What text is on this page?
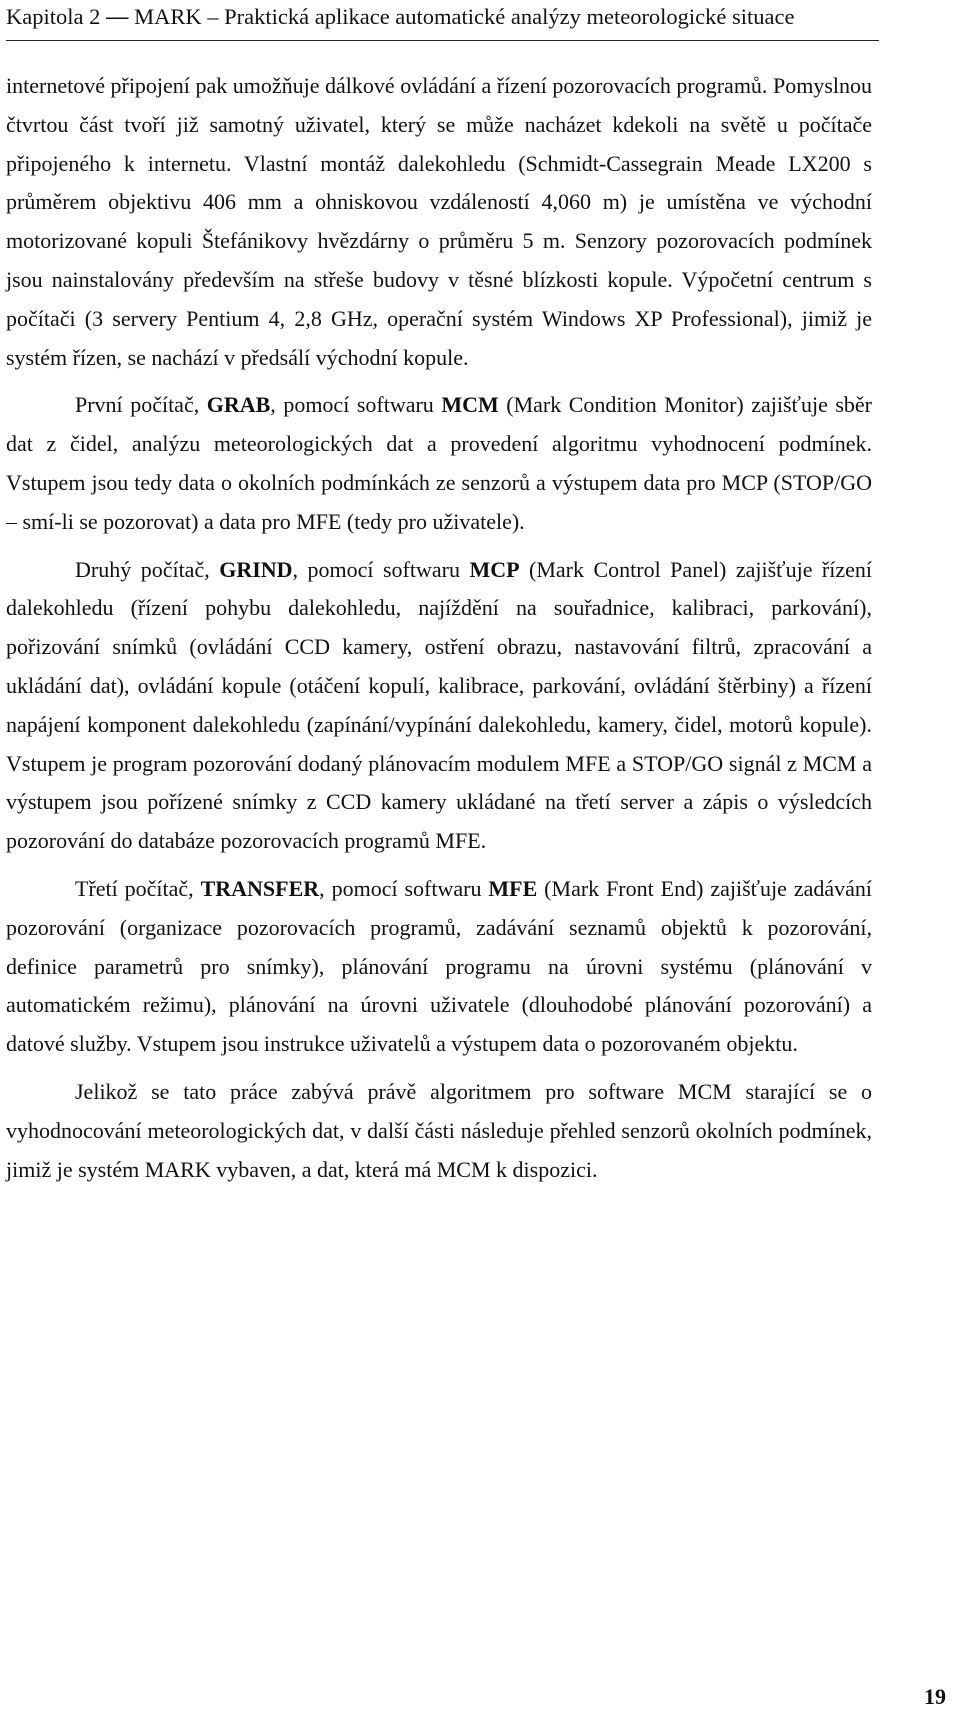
Kapitola 2 ⎯⎯ MARK – Praktická aplikace automatické analýzy meteorologické situace

internetové připojení pak umožňuje dálkové ovládání a řízení pozorovacích programů. Pomyslnou čtvrtou část tvoří již samotný uživatel, který se může nacházet kdekoli na světě u počítače připojeného k internetu. Vlastní montáž dalekohledu (Schmidt-Cassegrain Meade LX200 s průměrem objektivu 406 mm a ohniskovou vzdáleností 4,060 m) je umístěna ve východní motorizované kopuli Štefánikovy hvězdárny o průměru 5 m. Senzory pozorovacích podmínek jsou nainstalovány především na střeše budovy v těsné blízkosti kopule. Výpočetní centrum s počítači (3 servery Pentium 4, 2,8 GHz, operační systém Windows XP Professional), jimiž je systém řízen, se nachází v předsálí východní kopule.

První počítač, GRAB, pomocí softwaru MCM (Mark Condition Monitor) zajišťuje sběr dat z čidel, analýzu meteorologických dat a provedení algoritmu vyhodnocení podmínek. Vstupem jsou tedy data o okolních podmínkách ze senzorů a výstupem data pro MCP (STOP/GO ⎯ smí-li se pozorovat) a data pro MFE (tedy pro uživatele).

Druhý počítač, GRIND, pomocí softwaru MCP (Mark Control Panel) zajišťuje řízení dalekohledu (řízení pohybu dalekohledu, najíždění na souřadnice, kalibraci, parkování), pořizování snímků (ovládání CCD kamery, ostření obrazu, nastavování filtrů, zpracování a ukládání dat), ovládání kopule (otáčení kopulí, kalibrace, parkování, ovládání štěrbiny) a řízení napájení komponent dalekohledu (zapínání/vypínání dalekohledu, kamery, čidel, motorů kopule). Vstupem je program pozorování dodaný plánovacím modulem MFE a STOP/GO signál z MCM a výstupem jsou pořízené snímky z CCD kamery ukládané na třetí server a zápis o výsledcích pozorování do databáze pozorovacích programů MFE.

Třetí počítač, TRANSFER, pomocí softwaru MFE (Mark Front End) zajišťuje zadávání pozorování (organizace pozorovacích programů, zadávání seznamů objektů k pozorování, definice parametrů pro snímky), plánování programu na úrovni systému (plánování v automatickém režimu), plánování na úrovni uživatele (dlouhodobé plánování pozorování) a datové služby. Vstupem jsou instrukce uživatelů a výstupem data o pozorovaném objektu.

Jelikož se tato práce zabývá právě algoritmem pro software MCM starající se o vyhodnocování meteorologických dat, v další části následuje přehled senzorů okolních podmínek, jimiž je systém MARK vybaven, a dat, která má MCM k dispozici.

19
